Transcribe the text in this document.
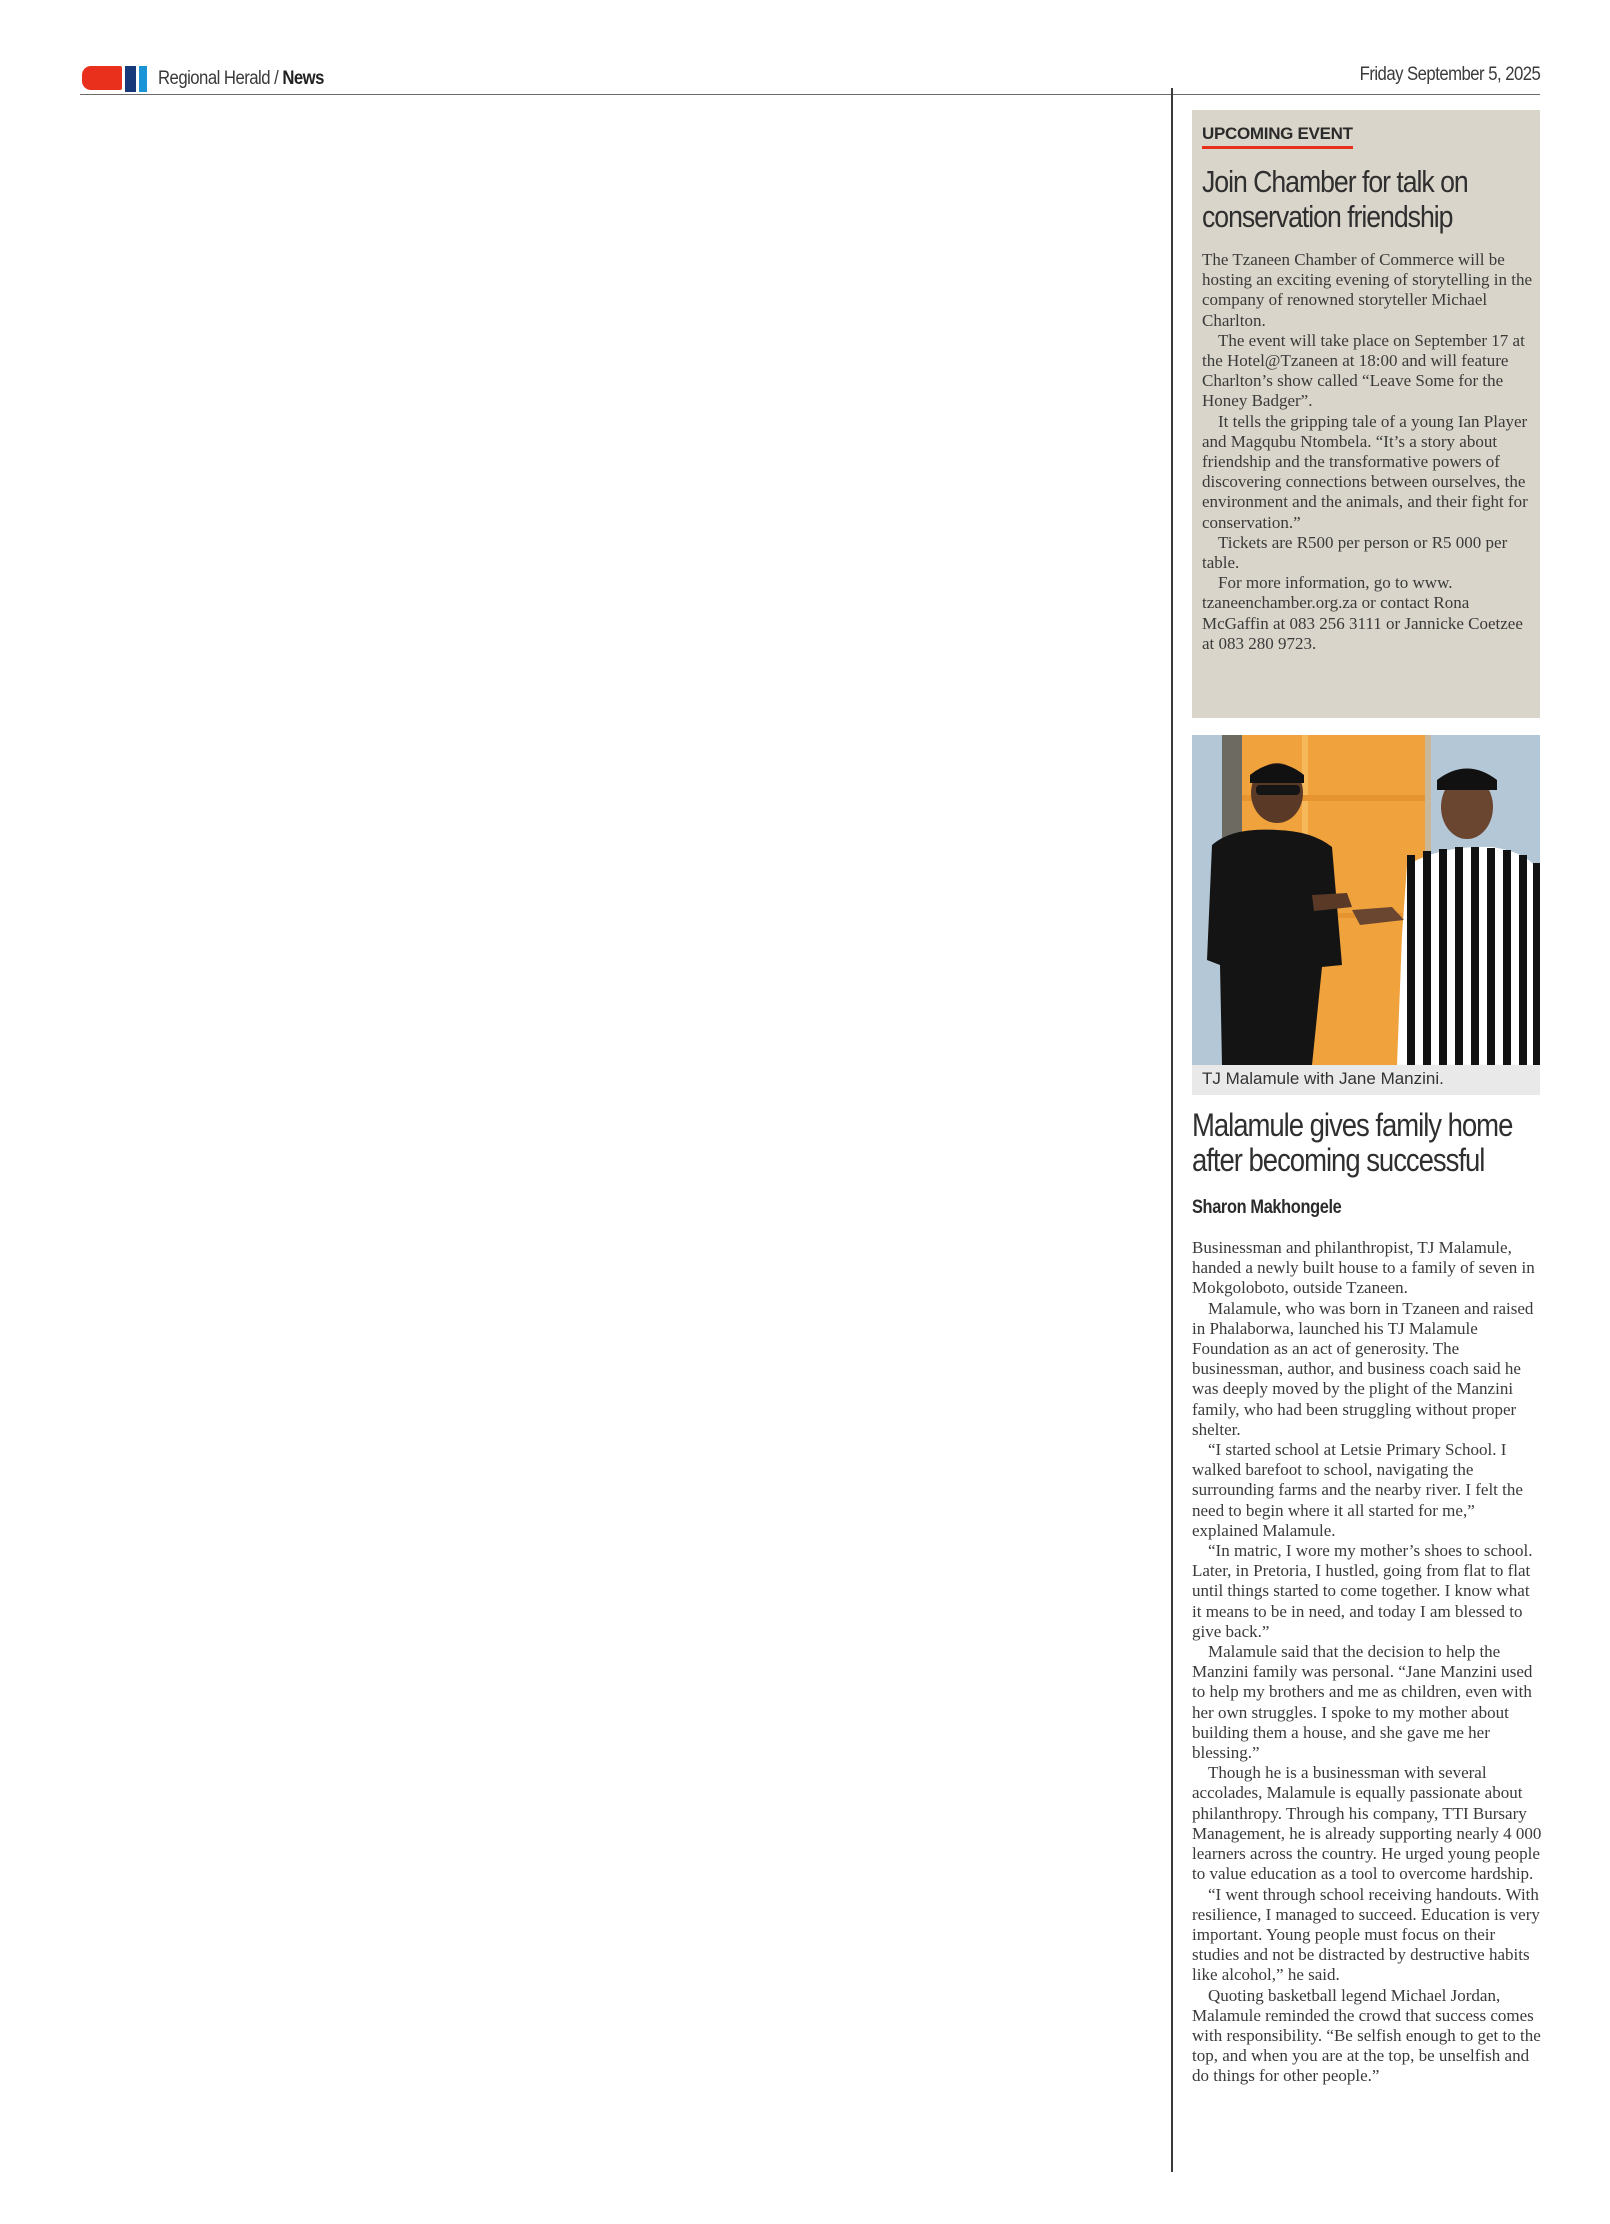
Regional Herald / News	Friday September 5, 2025
UPCOMING EVENT
Join Chamber for talk on
conservation friendship

The Tzaneen Chamber of Commerce will be hosting an exciting evening of storytelling in the company of renowned storyteller Michael Charlton.

The event will take place on September 17 at the Hotel@Tzaneen at 18:00 and will feature Charlton’s show called “Leave Some for the Honey Badger”.

It tells the gripping tale of a young Ian Player and Magqubu Ntombela. “It’s a story about friendship and the transformative powers of discovering connections between ourselves, the environment and the animals, and their fight for conservation.”

Tickets are R500 per person or R5 000 per table.

For more information, go to www. tzaneenchamber.org.za or contact Rona McGaffin at 083 256 3111 or Jannicke Coetzee at 083 280 9723.

TJ Malamule with Jane Manzini.
Malamule gives family home
after becoming successful
Sharon Makhongele

Businessman and philanthropist, TJ Malamule, handed a newly built house to a family of seven in Mokgoloboto, outside Tzaneen.

Malamule, who was born in Tzaneen and raised in Phalaborwa, launched his TJ Malamule Foundation as an act of generosity. The businessman, author, and business coach said he was deeply moved by the plight of the Manzini family, who had been struggling without proper shelter.

“I started school at Letsie Primary School. I walked barefoot to school, navigating the surrounding farms and the nearby river. I felt the need to begin where it all started for me,” explained Malamule.

“In matric, I wore my mother’s shoes to school. Later, in Pretoria, I hustled, going from flat to flat until things started to come together. I know what it means to be in need, and today I am blessed to give back.”

Malamule said that the decision to help the Manzini family was personal. “Jane Manzini used to help my brothers and me as children, even with her own struggles. I spoke to my mother about building them a house, and she gave me her blessing.”

Though he is a businessman with several accolades, Malamule is equally passionate about philanthropy. Through his company, TTI Bursary Management, he is already supporting nearly 4 000 learners across the country. He urged young people to value education as a tool to overcome hardship.

“I went through school receiving handouts. With resilience, I managed to succeed. Education is very important. Young people must focus on their studies and not be distracted by destructive habits like alcohol,” he said.

Quoting basketball legend Michael Jordan, Malamule reminded the crowd that success comes with responsibility. “Be selfish enough to get to the top, and when you are at the top, be unselfish and do things for other people.”
